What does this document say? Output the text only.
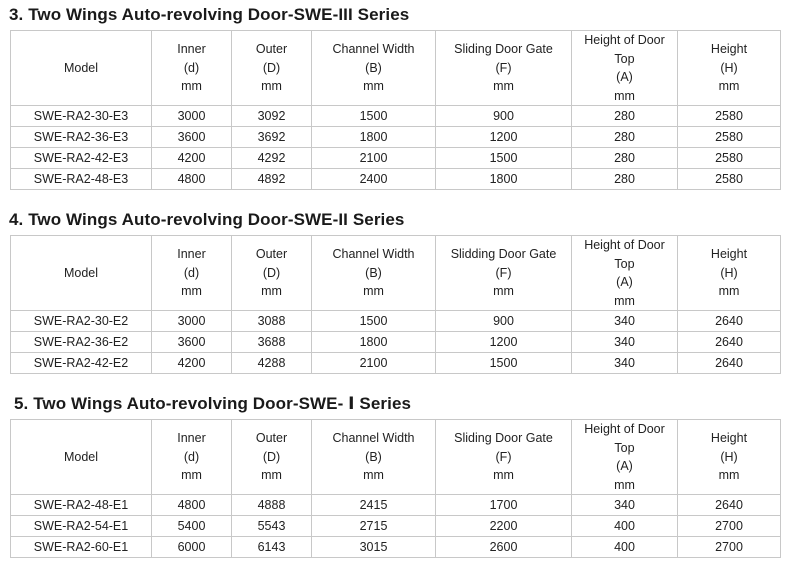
3. Two Wings Auto-revolving Door-SWE-III Series
Model	Inner
(d)
mm	Outer
(D)
mm	Channel Width
(B)
mm	Sliding Door Gate
(F)
mm	Height of Door
Top
(A)
mm	Height
(H)
mm

SWE-RA2-30-E3	3000	3092	1500	900	280	2580
SWE-RA2-36-E3	3600	3692	1800	1200	280	2580
SWE-RA2-42-E3	4200	4292	2100	1500	280	2580
SWE-RA2-48-E3	4800	4892	2400	1800	280	2580
4. Two Wings Auto-revolving Door-SWE-II Series
Model	Inner
(d)
mm	Outer
(D)
mm	Channel Width
(B)
mm	Slidding Door Gate
(F)
mm	Height of Door
Top
(A)
mm	Height
(H)
mm

SWE-RA2-30-E2	3000	3088	1500	900	340	2640
SWE-RA2-36-E2	3600	3688	1800	1200	340	2640
SWE-RA2-42-E2	4200	4288	2100	1500	340	2640
5. Two Wings Auto-revolving Door-SWE- Ⅰ Series
Model	Inner
(d)
mm	Outer
(D)
mm	Channel Width
(B)
mm	Sliding Door Gate
(F)
mm	Height of Door
Top
(A)
mm	Height
(H)
mm

SWE-RA2-48-E1	4800	4888	2415	1700	340	2640
SWE-RA2-54-E1	5400	5543	2715	2200	400	2700
SWE-RA2-60-E1	6000	6143	3015	2600	400	2700
